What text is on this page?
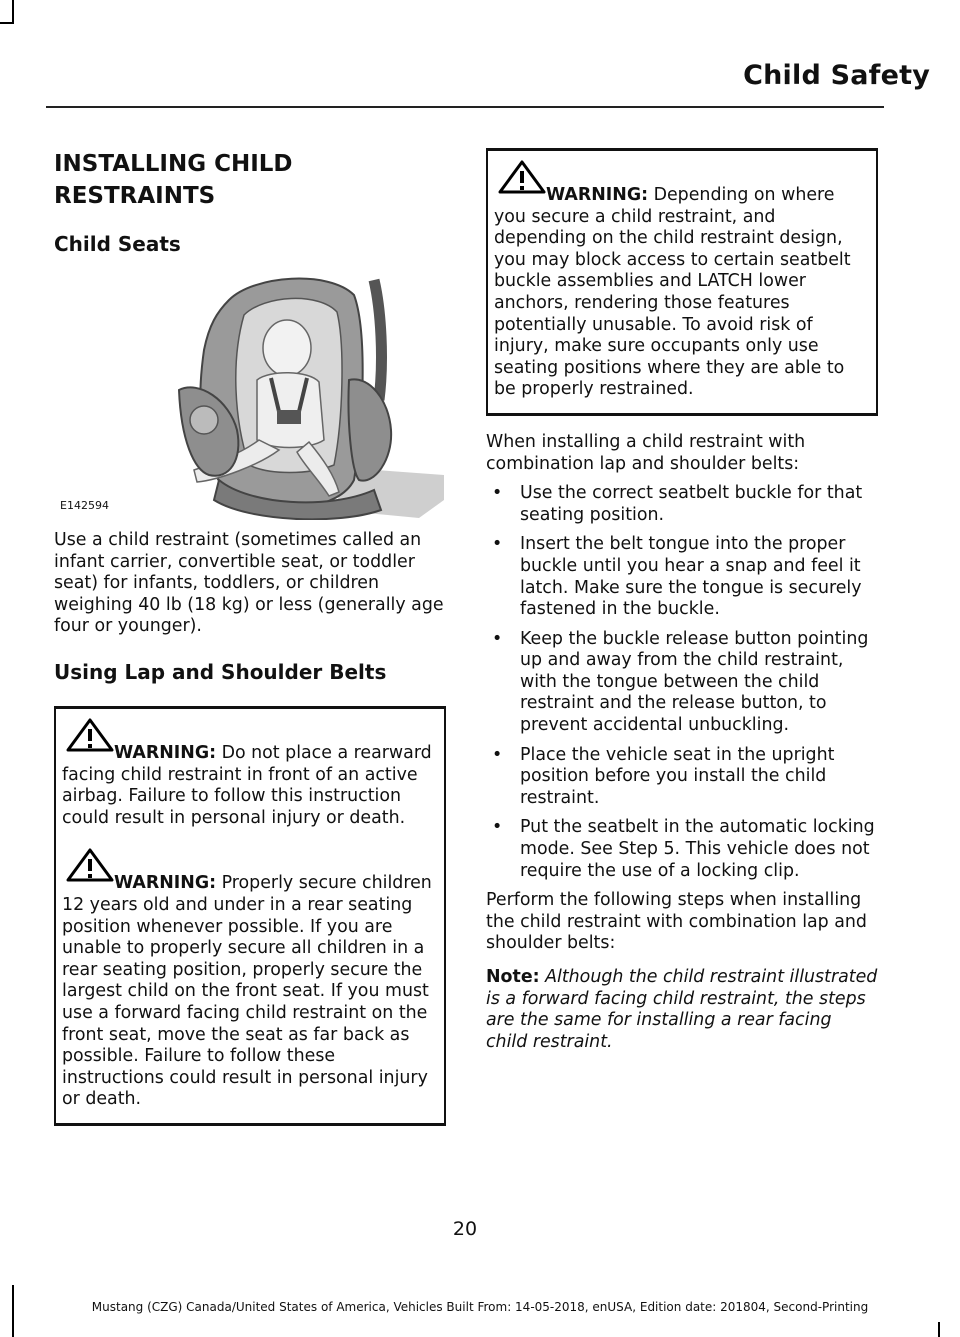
Child Safety
INSTALLING CHILD
RESTRAINTS
Child Seats
E142594

Use a child restraint (sometimes called an infant carrier, convertible seat, or toddler seat) for infants, toddlers, or children weighing 40 lb (18 kg) or less (generally age four or younger).

Using Lap and Shoulder Belts

WARNING: Do not place a rearward facing child restraint in front of an active airbag. Failure to follow this instruction could result in personal injury or death.

WARNING: Properly secure children 12 years old and under in a rear seating position whenever possible. If you are unable to properly secure all children in a rear seating position, properly secure the largest child on the front seat. If you must use a forward facing child restraint on the front seat, move the seat as far back as possible. Failure to follow these instructions could result in personal injury or death.

WARNING: Depending on where you secure a child restraint, and depending on the child restraint design, you may block access to certain seatbelt buckle assemblies and LATCH lower anchors, rendering those features potentially unusable. To avoid risk of injury, make sure occupants only use seating positions where they are able to be properly restrained.

When installing a child restraint with combination lap and shoulder belts:

• Use the correct seatbelt buckle for that seating position.
• Insert the belt tongue into the proper buckle until you hear a snap and feel it latch. Make sure the tongue is securely fastened in the buckle.
• Keep the buckle release button pointing up and away from the child restraint, with the tongue between the child restraint and the release button, to prevent accidental unbuckling.
• Place the vehicle seat in the upright position before you install the child restraint.
• Put the seatbelt in the automatic locking mode. See Step 5. This vehicle does not require the use of a locking clip.

Perform the following steps when installing the child restraint with combination lap and shoulder belts:

Note: Although the child restraint illustrated is a forward facing child restraint, the steps are the same for installing a rear facing child restraint.

20
Mustang (CZG) Canada/United States of America, Vehicles Built From: 14-05-2018, enUSA, Edition date: 201804, Second-Printing
